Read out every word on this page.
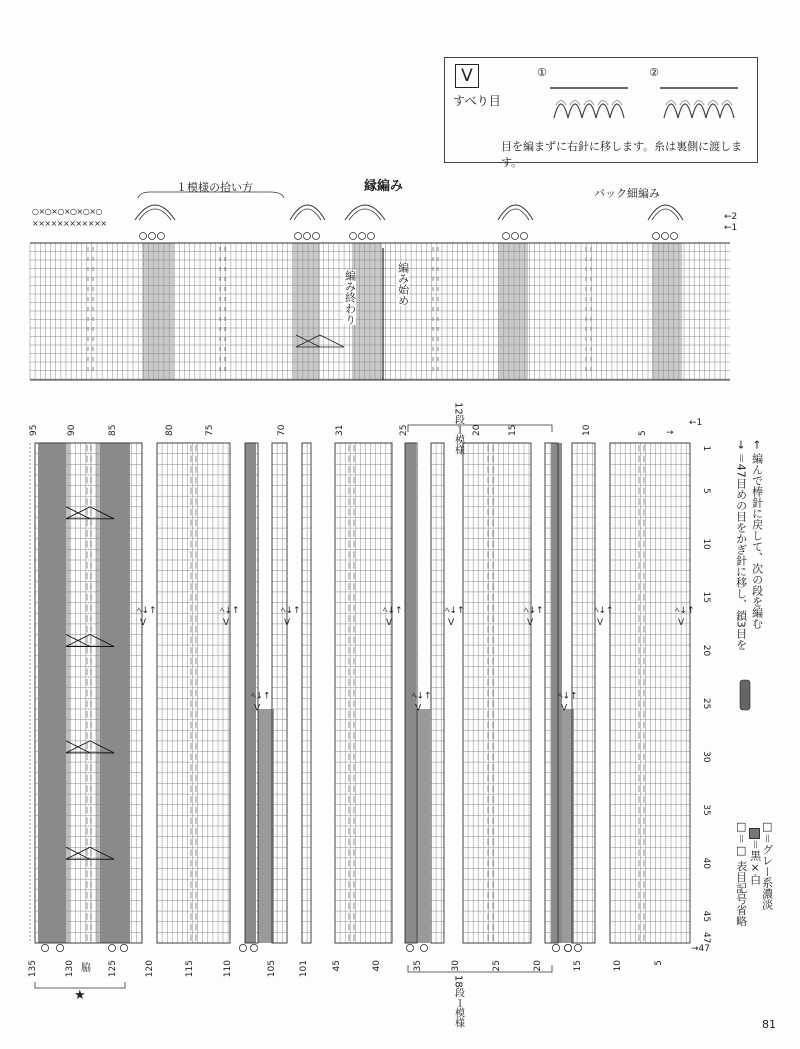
ﾍ↓↑
V
ﾍ↓↑
V
ﾍ↓↑
V
ﾍ↓↑
V
ﾍ↓↑
V
ﾍ↓↑
V
ﾍ↓↑
V
ﾍ↓↑
V
ﾍ↓↑
V
ﾍ↓↑
V
ﾍ↓↑
V
95	90	85	80	75	70	31	25	20	15	10	5
135	130	125	120	115	110	105 101	45	40	35	30	25	20	15	10	5
1
5
10
15
20
25
30
35
40
45
47
V
すべり目
①	②
目を編まずに右針に移します。糸は裏側に渡します。
縁編み
１模様の拾い方	バック細編み
←2
←1
○×○×○×○×○×○
××××××××××××
編み始め
編み終わり
←1
→
→47
12段１模様
18段１模様
脇
★
□＝□ 表目記号省略 ＝黒×白 □＝グレー系濃淡
→ ＝47目めの目をかぎ針に移し、鎖3目を ← 編んで棒針に戻して、次の段を編む
81
